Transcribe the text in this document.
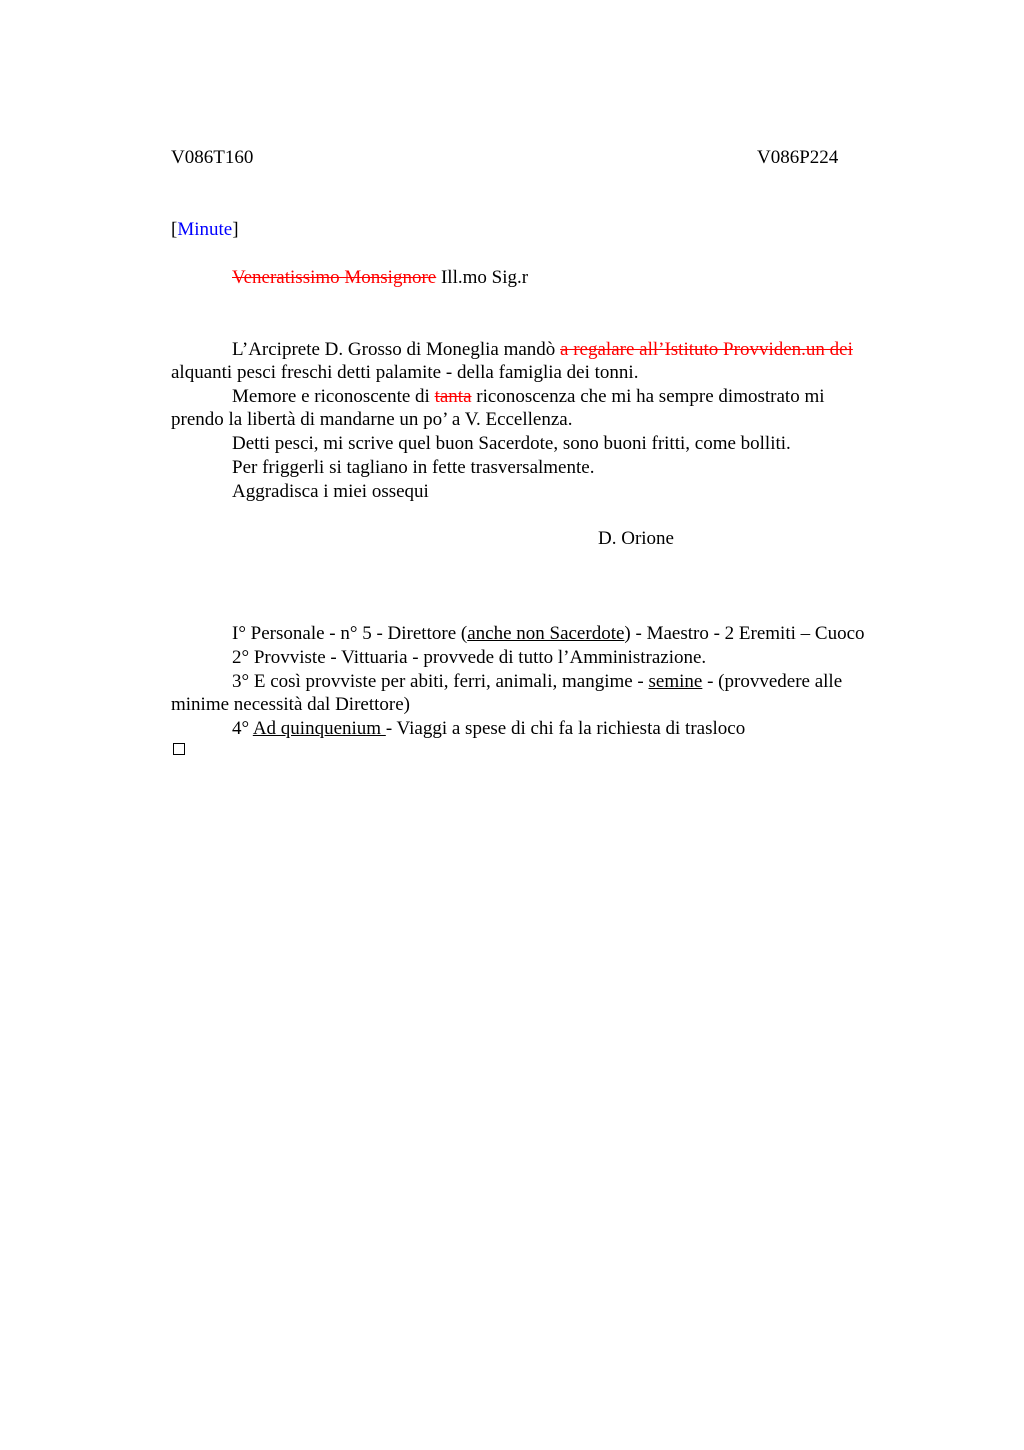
V086T160	V086P224
[Minute]
Veneratissimo Monsignore Ill.mo Sig.r
L’Arciprete D. Grosso di Moneglia mandò a regalare all’Istituto Provviden.un dei
alquanti pesci freschi detti palamite - della famiglia dei tonni.
Memore e riconoscente di tanta riconoscenza che mi ha sempre dimostrato mi
prendo la libertà di mandarne un po’ a V. Eccellenza.
Detti pesci, mi scrive quel buon Sacerdote, sono buoni fritti, come bolliti.
Per friggerli si tagliano in fette trasversalmente.
Aggradisca i miei ossequi
D. Orione
I° Personale - n° 5 - Direttore (anche non Sacerdote) - Maestro - 2 Eremiti – Cuoco
2° Provviste - Vittuaria - provvede di tutto l’Amministrazione.
3° E così provviste per abiti, ferri, animali, mangime - semine - (provvedere alle
minime necessità dal Direttore)
4° Ad quinquenium - Viaggi a spese di chi fa la richiesta di trasloco
